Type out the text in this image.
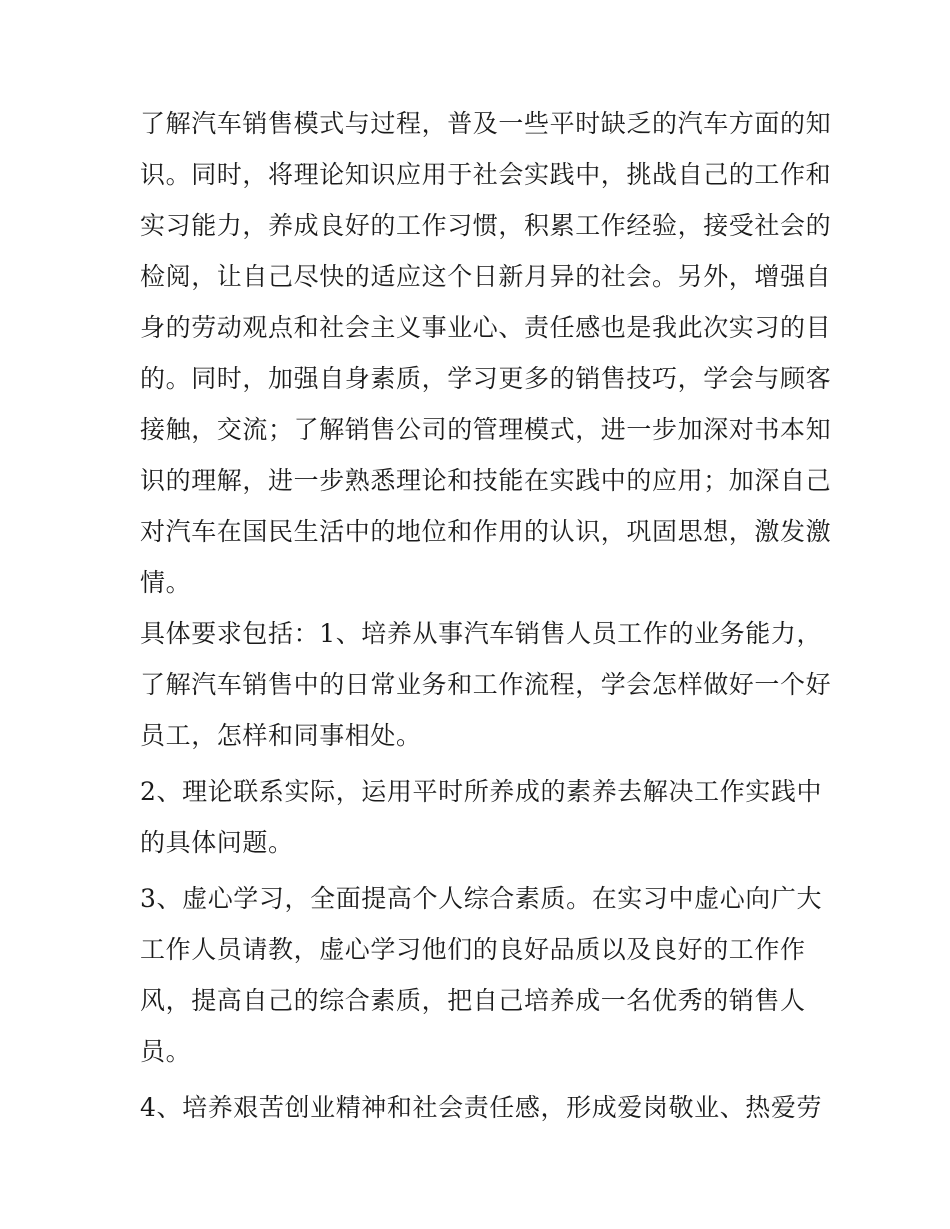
了解汽车销售模式与过程，普及一些平时缺乏的汽车方面的知
识。同时，将理论知识应用于社会实践中，挑战自己的工作和
实习能力，养成良好的工作习惯，积累工作经验，接受社会的
检阅，让自己尽快的适应这个日新月异的社会。另外，增强自
身的劳动观点和社会主义事业心、责任感也是我此次实习的目
的。同时，加强自身素质，学习更多的销售技巧，学会与顾客
接触，交流；了解销售公司的管理模式，进一步加深对书本知
识的理解，进一步熟悉理论和技能在实践中的应用；加深自己
对汽车在国民生活中的地位和作用的认识，巩固思想，激发激
情。
具体要求包括：1、培养从事汽车销售人员工作的业务能力，
了解汽车销售中的日常业务和工作流程，学会怎样做好一个好
员工，怎样和同事相处。
2、理论联系实际，运用平时所养成的素养去解决工作实践中
的具体问题。
3、虚心学习，全面提高个人综合素质。在实习中虚心向广大
工作人员请教，虚心学习他们的良好品质以及良好的工作作
风，提高自己的综合素质，把自己培养成一名优秀的销售人
员。
4、培养艰苦创业精神和社会责任感，形成爱岗敬业、热爱劳
